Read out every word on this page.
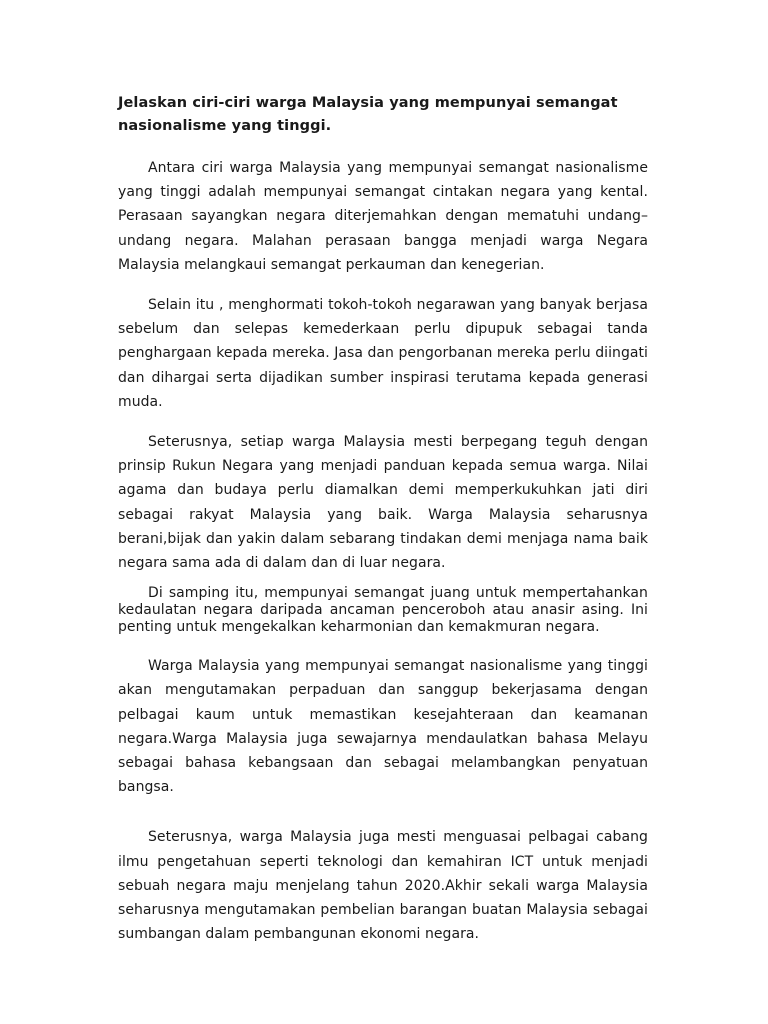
Jelaskan ciri-ciri warga Malaysia yang mempunyai semangat nasionalisme yang tinggi.

Antara ciri warga Malaysia yang mempunyai semangat nasionalisme yang tinggi adalah mempunyai semangat cintakan negara yang kental. Perasaan sayangkan negara diterjemahkan dengan mematuhi undang–undang negara. Malahan perasaan bangga menjadi warga Negara Malaysia melangkaui semangat perkauman dan kenegerian.

Selain itu , menghormati tokoh-tokoh negarawan yang banyak berjasa sebelum dan selepas kemederkaan perlu dipupuk sebagai tanda penghargaan kepada mereka. Jasa dan pengorbanan mereka perlu diingati dan dihargai serta dijadikan sumber inspirasi terutama kepada generasi muda.

Seterusnya, setiap warga Malaysia mesti berpegang teguh dengan prinsip Rukun Negara yang menjadi panduan kepada semua warga. Nilai agama dan budaya perlu diamalkan demi memperkukuhkan jati diri sebagai rakyat Malaysia yang baik. Warga Malaysia seharusnya berani,bijak dan yakin dalam sebarang tindakan demi menjaga nama baik negara sama ada di dalam dan di luar negara.

Di samping itu, mempunyai semangat juang untuk mempertahankan kedaulatan negara daripada ancaman penceroboh atau anasir asing. Ini penting untuk mengekalkan keharmonian dan kemakmuran negara.

Warga Malaysia yang mempunyai semangat nasionalisme yang tinggi akan mengutamakan perpaduan dan sanggup bekerjasama dengan pelbagai kaum untuk memastikan kesejahteraan dan keamanan negara.Warga Malaysia juga sewajarnya mendaulatkan bahasa Melayu sebagai bahasa kebangsaan dan sebagai melambangkan penyatuan bangsa.

Seterusnya, warga Malaysia juga mesti menguasai pelbagai cabang ilmu pengetahuan seperti teknologi dan kemahiran ICT untuk menjadi sebuah negara maju menjelang tahun 2020.Akhir sekali warga Malaysia seharusnya mengutamakan pembelian barangan buatan Malaysia sebagai sumbangan dalam pembangunan ekonomi negara.
